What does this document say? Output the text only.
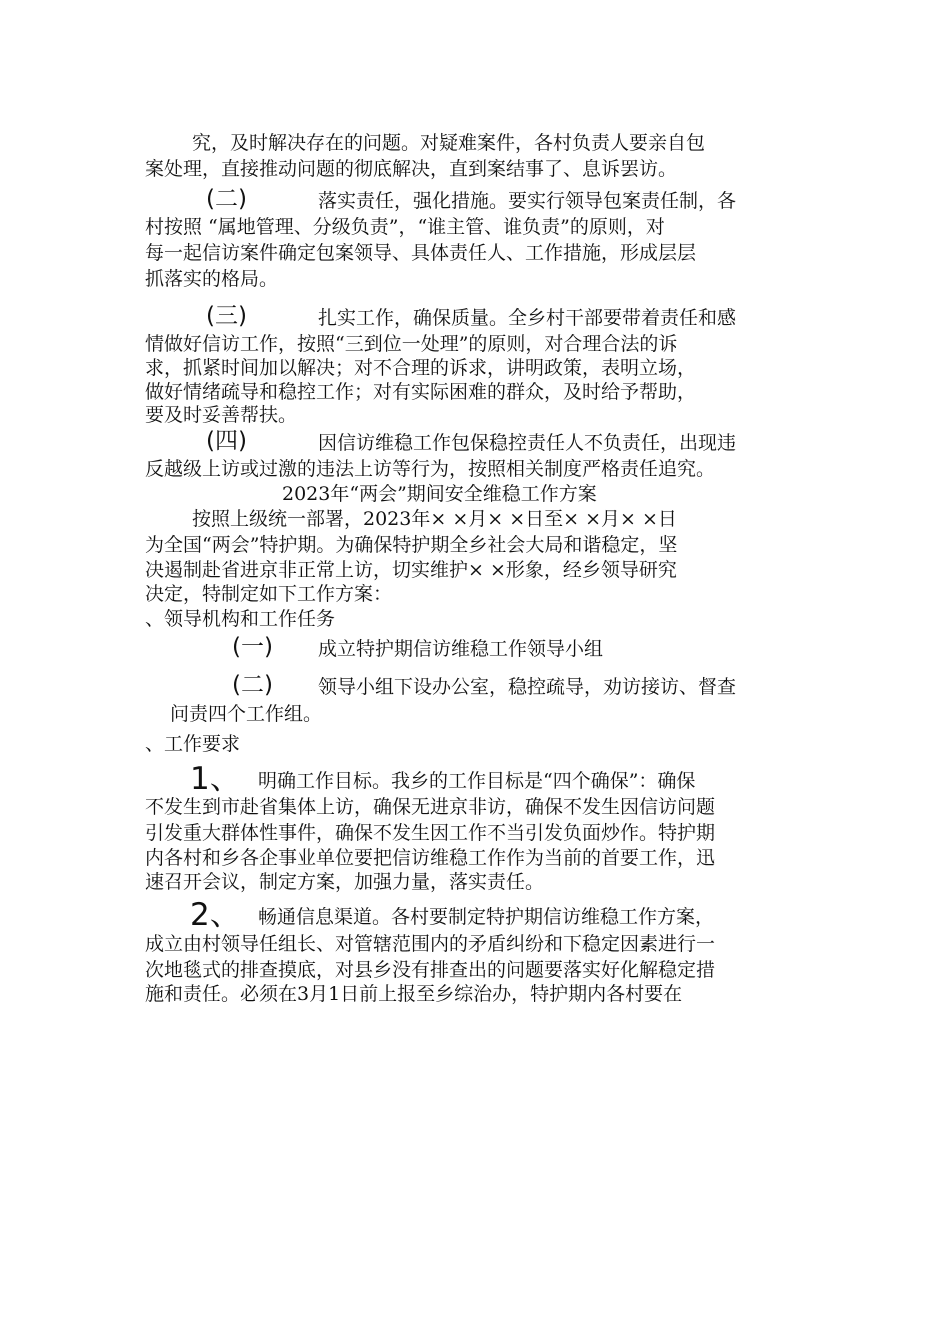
究，及时解决存在的问题。对疑难案件，各村负责人要亲自包

案处理，直接推动问题的彻底解决，直到案结事了、息诉罢访。

(二)	落实责任，强化措施。要实行领导包案责任制，各

村按照 “属地管理、分级负责”，“谁主管、谁负责”的原则，对

每一起信访案件确定包案领导、具体责任人、工作措施，形成层层

抓落实的格局。

(三)	扎实工作，确保质量。全乡村干部要带着责任和感

情做好信访工作，按照“三到位一处理”的原则，对合理合法的诉

求，抓紧时间加以解决；对不合理的诉求，讲明政策，表明立场，

做好情绪疏导和稳控工作；对有实际困难的群众，及时给予帮助，

要及时妥善帮扶。

(四)	因信访维稳工作包保稳控责任人不负责任，出现违

反越级上访或过激的违法上访等行为，按照相关制度严格责任追究。

2023年“两会”期间安全维稳工作方案

按照上级统一部署，2023年× ×月× ×日至× ×月× ×日

为全国“两会”特护期。为确保特护期全乡社会大局和谐稳定，坚

决遏制赴省进京非正常上访，切实维护× ×形象，经乡领导研究

决定，特制定如下工作方案：

、领导机构和工作任务

(一) 成立特护期信访维稳工作领导小组

(二) 领导小组下设办公室，稳控疏导，劝访接访、督查

问责四个工作组。

、工作要求

1、 明确工作目标。我乡的工作目标是“四个确保”：确保

不发生到市赴省集体上访，确保无进京非访，确保不发生因信访问题

引发重大群体性事件，确保不发生因工作不当引发负面炒作。特护期

内各村和乡各企事业单位要把信访维稳工作作为当前的首要工作，迅

速召开会议，制定方案，加强力量，落实责任。

2、 畅通信息渠道。各村要制定特护期信访维稳工作方案，

成立由村领导任组长、对管辖范围内的矛盾纠纷和下稳定因素进行一

次地毯式的排查摸底，对县乡没有排查出的问题要落实好化解稳定措

施和责任。必须在3月1日前上报至乡综治办，特护期内各村要在
